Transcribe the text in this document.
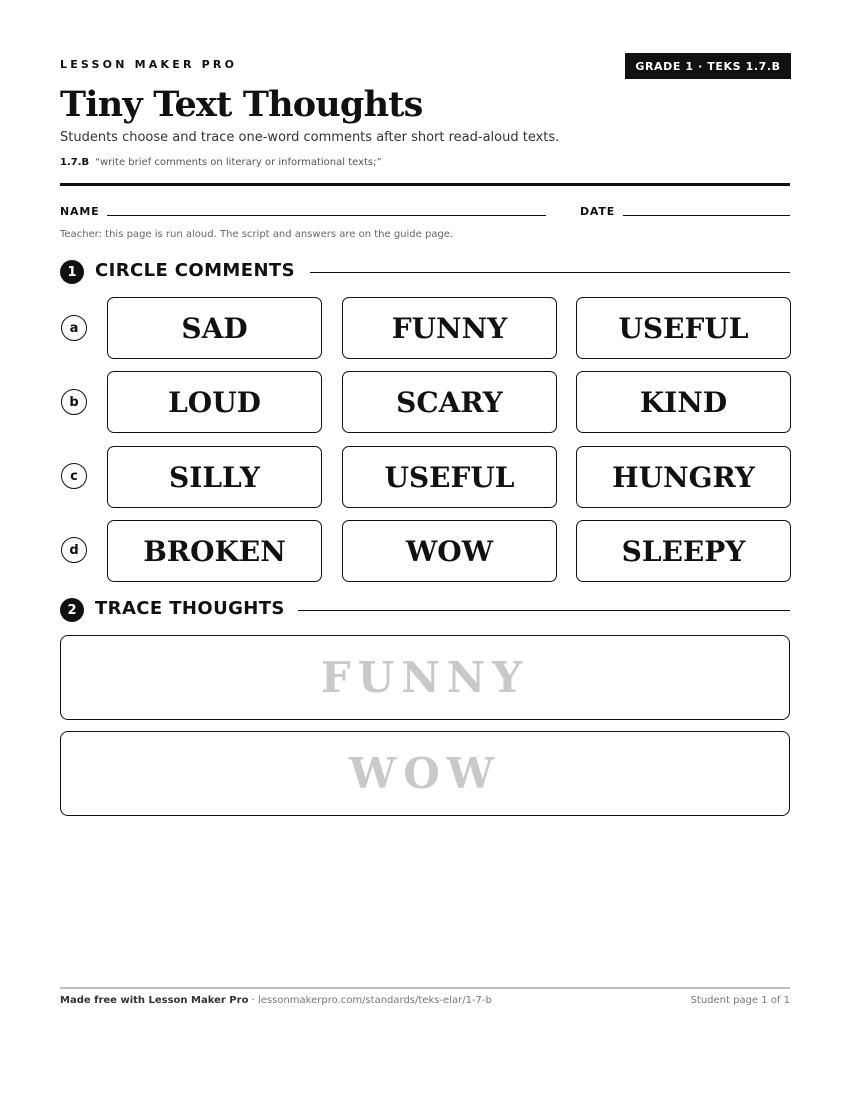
LESSON MAKER PRO	GRADE 1 · TEKS 1.7.B
Tiny Text Thoughts
Students choose and trace one-word comments after short read-aloud texts.
1.7.B “write brief comments on literary or informational texts;”
NAME	DATE
Teacher: this page is run aloud. The script and answers are on the guide page.
1	CIRCLE COMMENTS
a	SAD	FUNNY	USEFUL
b	LOUD	SCARY	KIND
c	SILLY	USEFUL	HUNGRY
d	BROKEN	WOW	SLEEPY
2	TRACE THOUGHTS
FUNNY
WOW
Made free with Lesson Maker Pro · lessonmakerpro.com/standards/teks-elar/1-7-b	Student page 1 of 1
